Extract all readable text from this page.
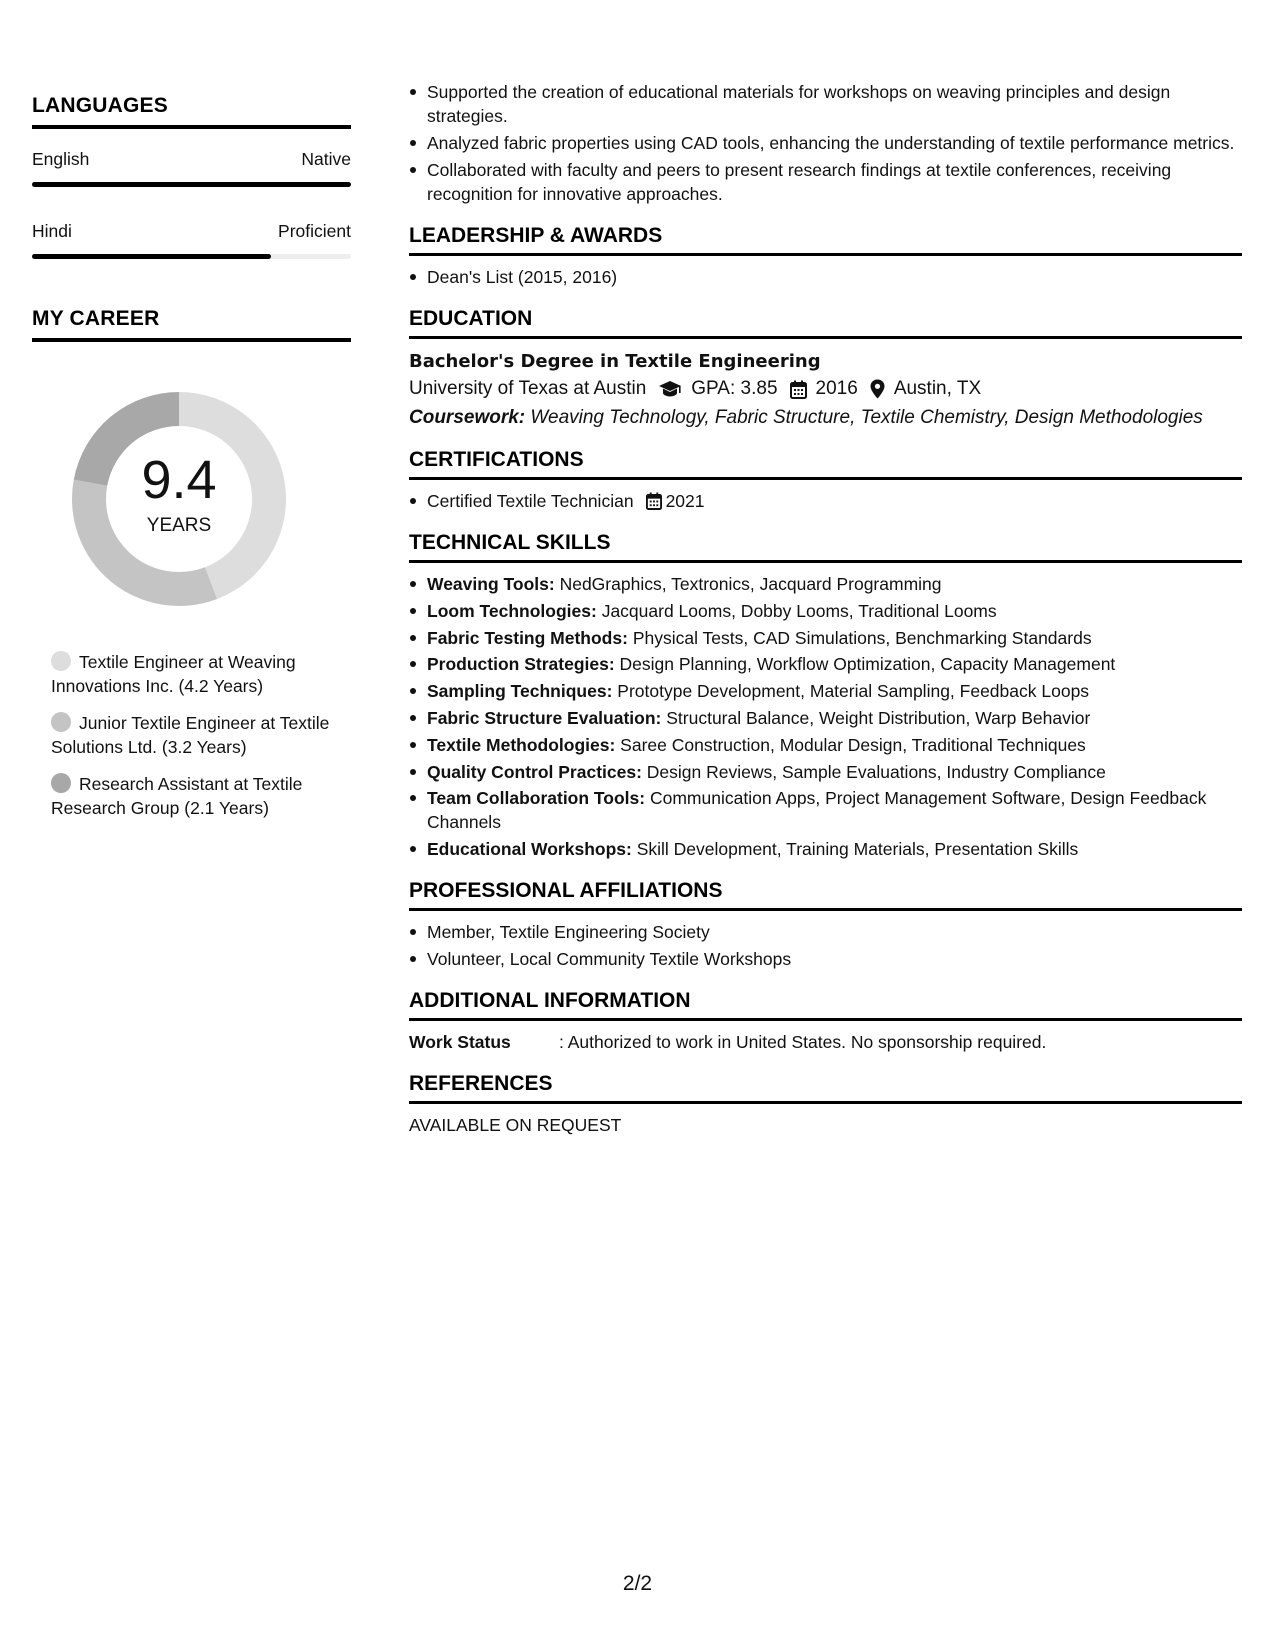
LANGUAGES
English	Native
Hindi	Proficient
MY CAREER
9.4
YEARS
Textile Engineer at Weaving Innovations Inc. (4.2 Years)
Junior Textile Engineer at Textile Solutions Ltd. (3.2 Years)
Research Assistant at Textile Research Group (2.1 Years)
Supported the creation of educational materials for workshops on weaving principles and design strategies.
Analyzed fabric properties using CAD tools, enhancing the understanding of textile performance metrics.
Collaborated with faculty and peers to present research findings at textile conferences, receiving recognition for innovative approaches.
LEADERSHIP & AWARDS
Dean's List (2015, 2016)
EDUCATION
Bachelor's Degree in Textile Engineering
University of Texas at Austin GPA: 3.85 2016 Austin, TX
Coursework: Weaving Technology, Fabric Structure, Textile Chemistry, Design Methodologies
CERTIFICATIONS
Certified Textile Technician 2021
TECHNICAL SKILLS
Weaving Tools: NedGraphics, Textronics, Jacquard Programming
Loom Technologies: Jacquard Looms, Dobby Looms, Traditional Looms
Fabric Testing Methods: Physical Tests, CAD Simulations, Benchmarking Standards
Production Strategies: Design Planning, Workflow Optimization, Capacity Management
Sampling Techniques: Prototype Development, Material Sampling, Feedback Loops
Fabric Structure Evaluation: Structural Balance, Weight Distribution, Warp Behavior
Textile Methodologies: Saree Construction, Modular Design, Traditional Techniques
Quality Control Practices: Design Reviews, Sample Evaluations, Industry Compliance
Team Collaboration Tools: Communication Apps, Project Management Software, Design Feedback Channels
Educational Workshops: Skill Development, Training Materials, Presentation Skills
PROFESSIONAL AFFILIATIONS
Member, Textile Engineering Society
Volunteer, Local Community Textile Workshops
ADDITIONAL INFORMATION
Work Status	: Authorized to work in United States. No sponsorship required.
REFERENCES
AVAILABLE ON REQUEST
2/2
